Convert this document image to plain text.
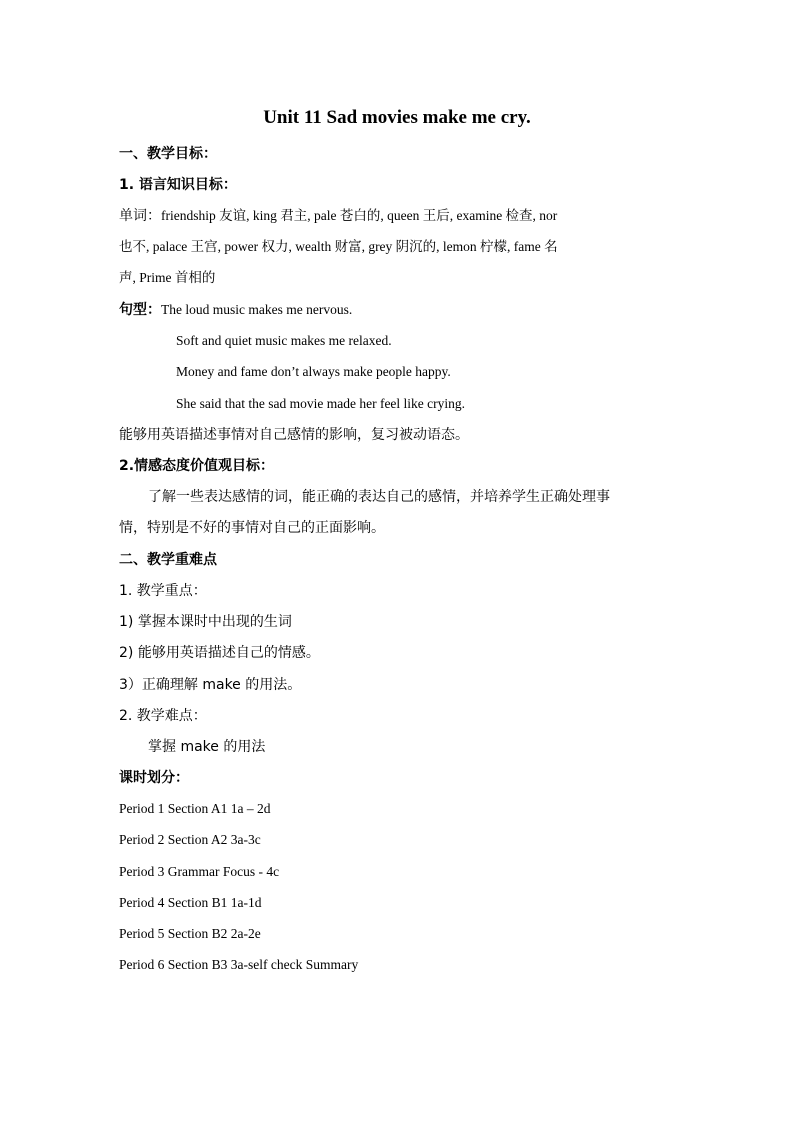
Unit 11 Sad movies make me cry.
一、教学目标：
1. 语言知识目标：
单词：friendship 友谊, king 君主, pale 苍白的, queen 王后, examine 检查, nor
也不, palace 王宫, power 权力, wealth 财富, grey 阴沉的, lemon 柠檬, fame 名
声, Prime 首相的
句型：The loud music makes me nervous.
Soft and quiet music makes me relaxed.
Money and fame don’t always make people happy.
She said that the sad movie made her feel like crying.
能够用英语描述事情对自己感情的影响，复习被动语态。
2.情感态度价值观目标：
了解一些表达感情的词，能正确的表达自己的感情，并培养学生正确处理事
情，特别是不好的事情对自己的正面影响。
二、教学重难点
1. 教学重点：
1) 掌握本课时中出现的生词
2) 能够用英语描述自己的情感。
3）正确理解 make 的用法。
2. 教学难点：
掌握 make 的用法
课时划分：
Period 1 Section A1 1a – 2d
Period 2 Section A2 3a-3c
Period 3 Grammar Focus - 4c
Period 4 Section B1 1a-1d
Period 5 Section B2 2a-2e
Period 6 Section B3 3a-self check Summary
